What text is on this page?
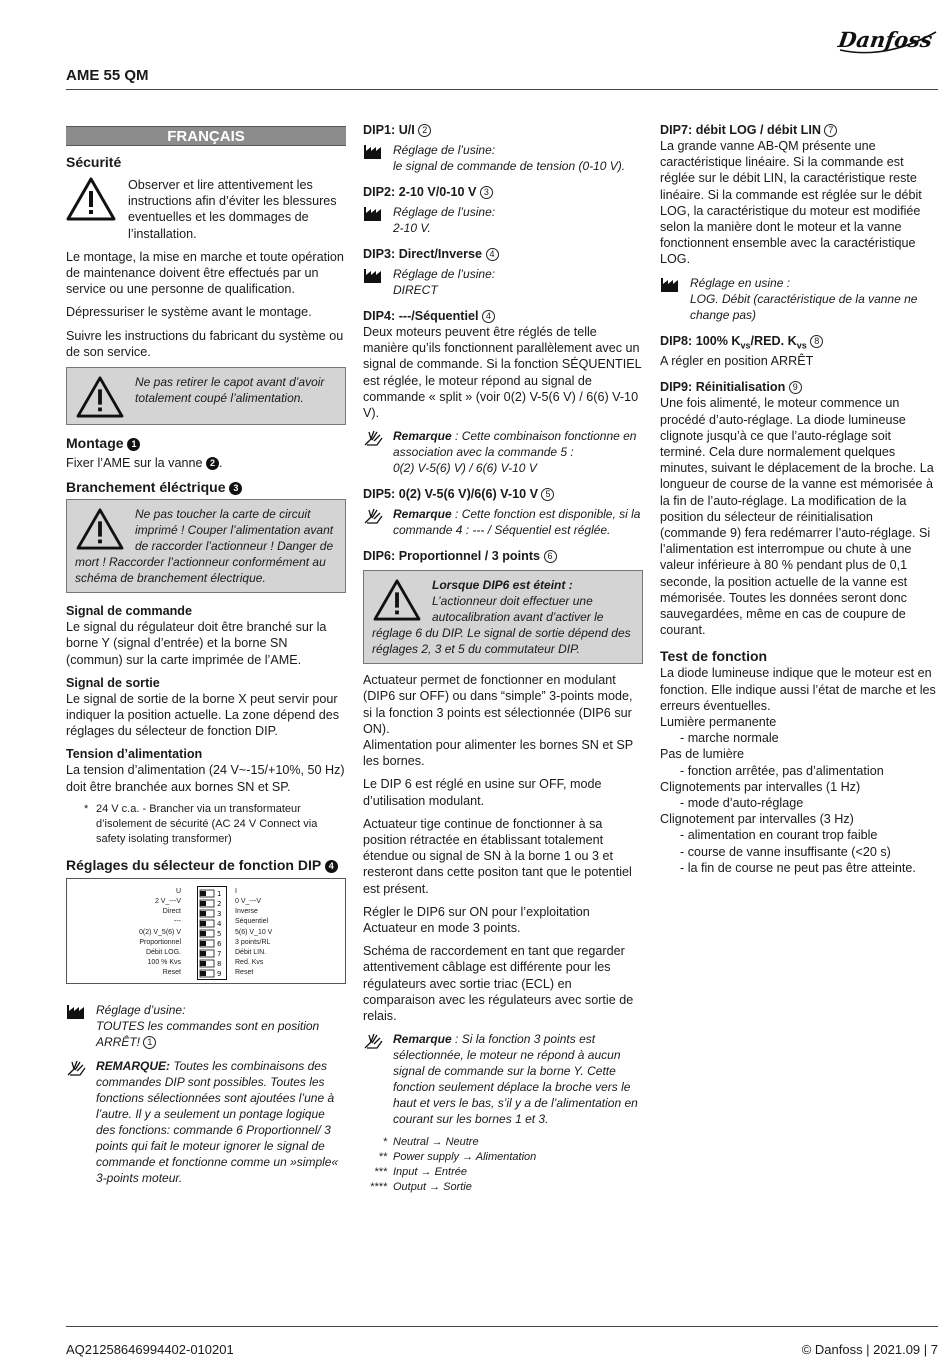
Danfoss
AME 55 QM
FRANÇAIS
Sécurité
Observer et lire attentivement les instructions afin d’éviter les blessures eventuelles et les dommages de l’installation.

Le montage, la mise en marche et toute opération de maintenance doivent être effectués par un service ou une personne de qualification.

Dépressuriser le système avant le montage.

Suivre les instructions du fabricant du système ou de son service.

Ne pas retirer le capot avant d’avoir totalement coupé l’alimentation.
Montage 1

Fixer l’AME sur la vanne 2 .

Branchement éléctrique 3
Ne pas toucher la carte de circuit imprimé ! Couper l’alimentation avant de raccorder l’actionneur ! Danger de mort ! Raccorder l’actionneur conformément au schéma de branchement électrique.
Signal de commande

Le signal du régulateur doit être branché sur la borne Y (signal d’entrée) et la borne SN (commun) sur la carte imprimée de l’AME.

Signal de sortie

Le signal de sortie de la borne X peut servir pour indiquer la position actuelle. La zone dépend des réglages du sélecteur de fonction DIP.

Tension d’alimentation

La tension d’alimentation (24 V~-15/+10%, 50 Hz) doit être branchée aux bornes SN et SP.

* 24 V c.a. - Brancher via un transformateur d’isolement de sécurité (AC 24 V Connect via safety isolating transformer)
Réglages du sélecteur de fonction DIP 4
U
2 V_---V
Direct
---
0(2) V_5(6) V
Proportionnel
Débit LOG.
100 % Kvs
Reset
1
2
3
4
5
6
7
8
9
I
0 V_---V
Inverse
Séquentiel
5(6) V_10 V
3 points/RL
Débit LIN.
Red. Kvs
Reset
Réglage d’usine:
TOUTES les commandes sont en position ARRÊT! 1
REMARQUE: Toutes les combinaisons des commandes DIP sont possibles. Toutes les fonctions sélectionnées sont ajoutées l’une à l’autre. Il y a seulement un pontage logique des fonctions: commande 6 Proportionnel/ 3 points qui fait le moteur ignorer le signal de commande et fonctionne comme un »simple« 3-points moteur.
DIP1: U/I 2
Réglage de l’usine:
le signal de commande de tension (0-10 V).
DIP2: 2-10 V/0-10 V 3
Réglage de l’usine:
2-10 V.
DIP3: Direct/Inverse 4
Réglage de l’usine:
DIRECT
DIP4: ---/Séquentiel 4

Deux moteurs peuvent être réglés de telle manière qu’ils fonctionnent parallèlement avec un signal de commande. Si la fonction SÉQUENTIEL est réglée, le moteur répond au signal de commande « split » (voir 0(2) V-5(6 V) / 6(6) V-10 V).

Remarque : Cette combinaison fonctionne en association avec la commande 5 :
0(2) V-5(6) V) / 6(6) V-10 V
DIP5: 0(2) V-5(6 V)/6(6) V-10 V 5
Remarque : Cette fonction est disponible, si la commande 4 : --- / Séquentiel est réglée.
DIP6: Proportionnel / 3 points 6
Lorsque DIP6 est éteint : L’actionneur doit effectuer une autocalibration avant d’activer le réglage 6 du DIP. Le signal de sortie dépend des réglages 2, 3 et 5 du commutateur DIP.

Actuateur permet de fonctionner en modulant (DIP6 sur OFF) ou dans “simple” 3-points mode, si la fonction 3 points est sélectionnée (DIP6 sur ON).
Alimentation pour alimenter les bornes SN et SP les bornes.

Le DIP 6 est réglé en usine sur OFF, mode d’utilisation modulant.

Actuateur tige continue de fonctionner à sa position rétractée en établissant totalement étendue ou signal de SN à la borne 1 ou 3 et resteront dans cette positon tant que le potentiel est présent.

Régler le DIP6 sur ON pour l’exploitation Actuateur en mode 3 points.

Schéma de raccordement en tant que regarder attentivement câblage est différente pour les régulateurs avec sortie triac (ECL) en comparaison avec les régulateurs avec sortie de relais.

Remarque : Si la fonction 3 points est sélectionnée, le moteur ne répond à aucun signal de commande sur la borne Y. Cette fonction seulement déplace la broche vers le haut et vers le bas, s’il y a de l’alimentation en courant sur les bornes 1 et 3.
* Neutral → Neutre
** Power supply → Alimentation
*** Input → Entrée
**** Output → Sortie
DIP7: débit LOG / débit LIN 7

La grande vanne AB-QM présente une caractéristique linéaire. Si la commande est réglée sur le débit LIN, la caractéristique reste linéaire. Si la commande est réglée sur le débit LOG, la caractéristique du moteur est modifiée selon la manière dont le moteur et la vanne fonctionnent ensemble avec la caractéristique LOG.

Réglage en usine :
LOG. Débit (caractéristique de la vanne ne change pas)
DIP8: 100% $K_{vs}$/RED. $K_{vs}$ 8

A régler en position ARRÊT

DIP9: Réinitialisation 9

Une fois alimenté, le moteur commence un procédé d’auto-réglage. La diode lumineuse clignote jusqu’à ce que l’auto-réglage soit terminé. Cela dure normalement quelques minutes, suivant le déplacement de la broche. La longueur de course de la vanne est mémorisée à la fin de l’auto-réglage. La modification de la position du sélecteur de réinitialisation (commande 9) fera redémarrer l’auto-réglage. Si l’alimentation est interrompue ou chute à une valeur inférieure à 80 % pendant plus de 0,1 seconde, la position actuelle de la vanne est mémorisée. Toutes les données seront donc sauvegardées, même en cas de coupure de courant.

Test de fonction

La diode lumineuse indique que le moteur est en fonction. Elle indique aussi l’état de marche et les erreurs éventuelles.

Lumière permanente
- marche normale
Pas de lumière
- fonction arrêtée, pas d’alimentation
Clignotements par intervalles (1 Hz)
- mode d’auto-réglage
Clignotement par intervalles (3 Hz)
- alimentation en courant trop faible
- course de vanne insuffisante (<20 s)
- la fin de course ne peut pas être atteinte.
AQ21258646994402-010201	© Danfoss | 2021.09 | 7
